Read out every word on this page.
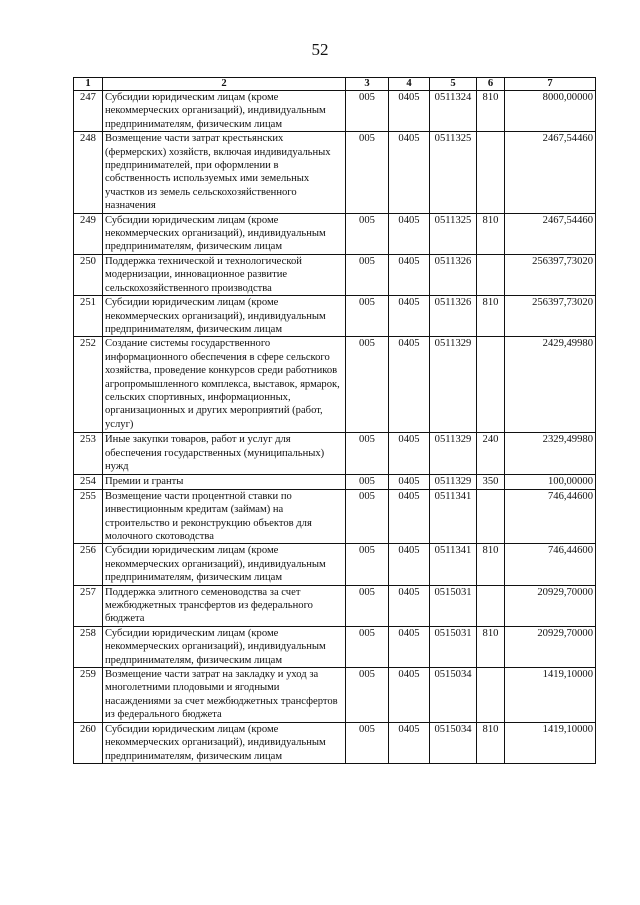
52
1	2	3	4	5	6	7
247	Субсидии юридическим лицам (кроме некоммерческих организаций), индивидуальным предпринимателям, физическим лицам	005	0405	0511324	810	8000,00000
248	Возмещение части затрат крестьянских (фермерских) хозяйств, включая индивидуальных предпринимателей, при оформлении в собственность используемых ими земельных участков из земель сельскохозяйственного назначения	005	0405	0511325		2467,54460
249	Субсидии юридическим лицам (кроме некоммерческих организаций), индивидуальным предпринимателям, физическим лицам	005	0405	0511325	810	2467,54460
250	Поддержка технической и технологической модернизации, инновационное развитие сельскохозяйственного производства	005	0405	0511326		256397,73020
251	Субсидии юридическим лицам (кроме некоммерческих организаций), индивидуальным предпринимателям, физическим лицам	005	0405	0511326	810	256397,73020
252	Создание системы государственного информационного обеспечения в сфере сельского хозяйства, проведение конкурсов среди работников агропромышленного комплекса, выставок, ярмарок, сельских спортивных, информационных, организационных и других мероприятий (работ, услуг)	005	0405	0511329		2429,49980
253	Иные закупки товаров, работ и услуг для обеспечения государственных (муниципальных) нужд	005	0405	0511329	240	2329,49980
254	Премии и гранты	005	0405	0511329	350	100,00000
255	Возмещение части процентной ставки по инвестиционным кредитам (займам) на строительство и реконструкцию объектов для молочного скотоводства	005	0405	0511341		746,44600
256	Субсидии юридическим лицам (кроме некоммерческих организаций), индивидуальным предпринимателям, физическим лицам	005	0405	0511341	810	746,44600
257	Поддержка элитного семеноводства за счет межбюджетных трансфертов из федерального бюджета	005	0405	0515031		20929,70000
258	Субсидии юридическим лицам (кроме некоммерческих организаций), индивидуальным предпринимателям, физическим лицам	005	0405	0515031	810	20929,70000
259	Возмещение части затрат на закладку и уход за многолетними плодовыми и ягодными насаждениями за счет межбюджетных трансфертов из федерального бюджета	005	0405	0515034		1419,10000
260	Субсидии юридическим лицам (кроме некоммерческих организаций), индивидуальным предпринимателям, физическим лицам	005	0405	0515034	810	1419,10000
